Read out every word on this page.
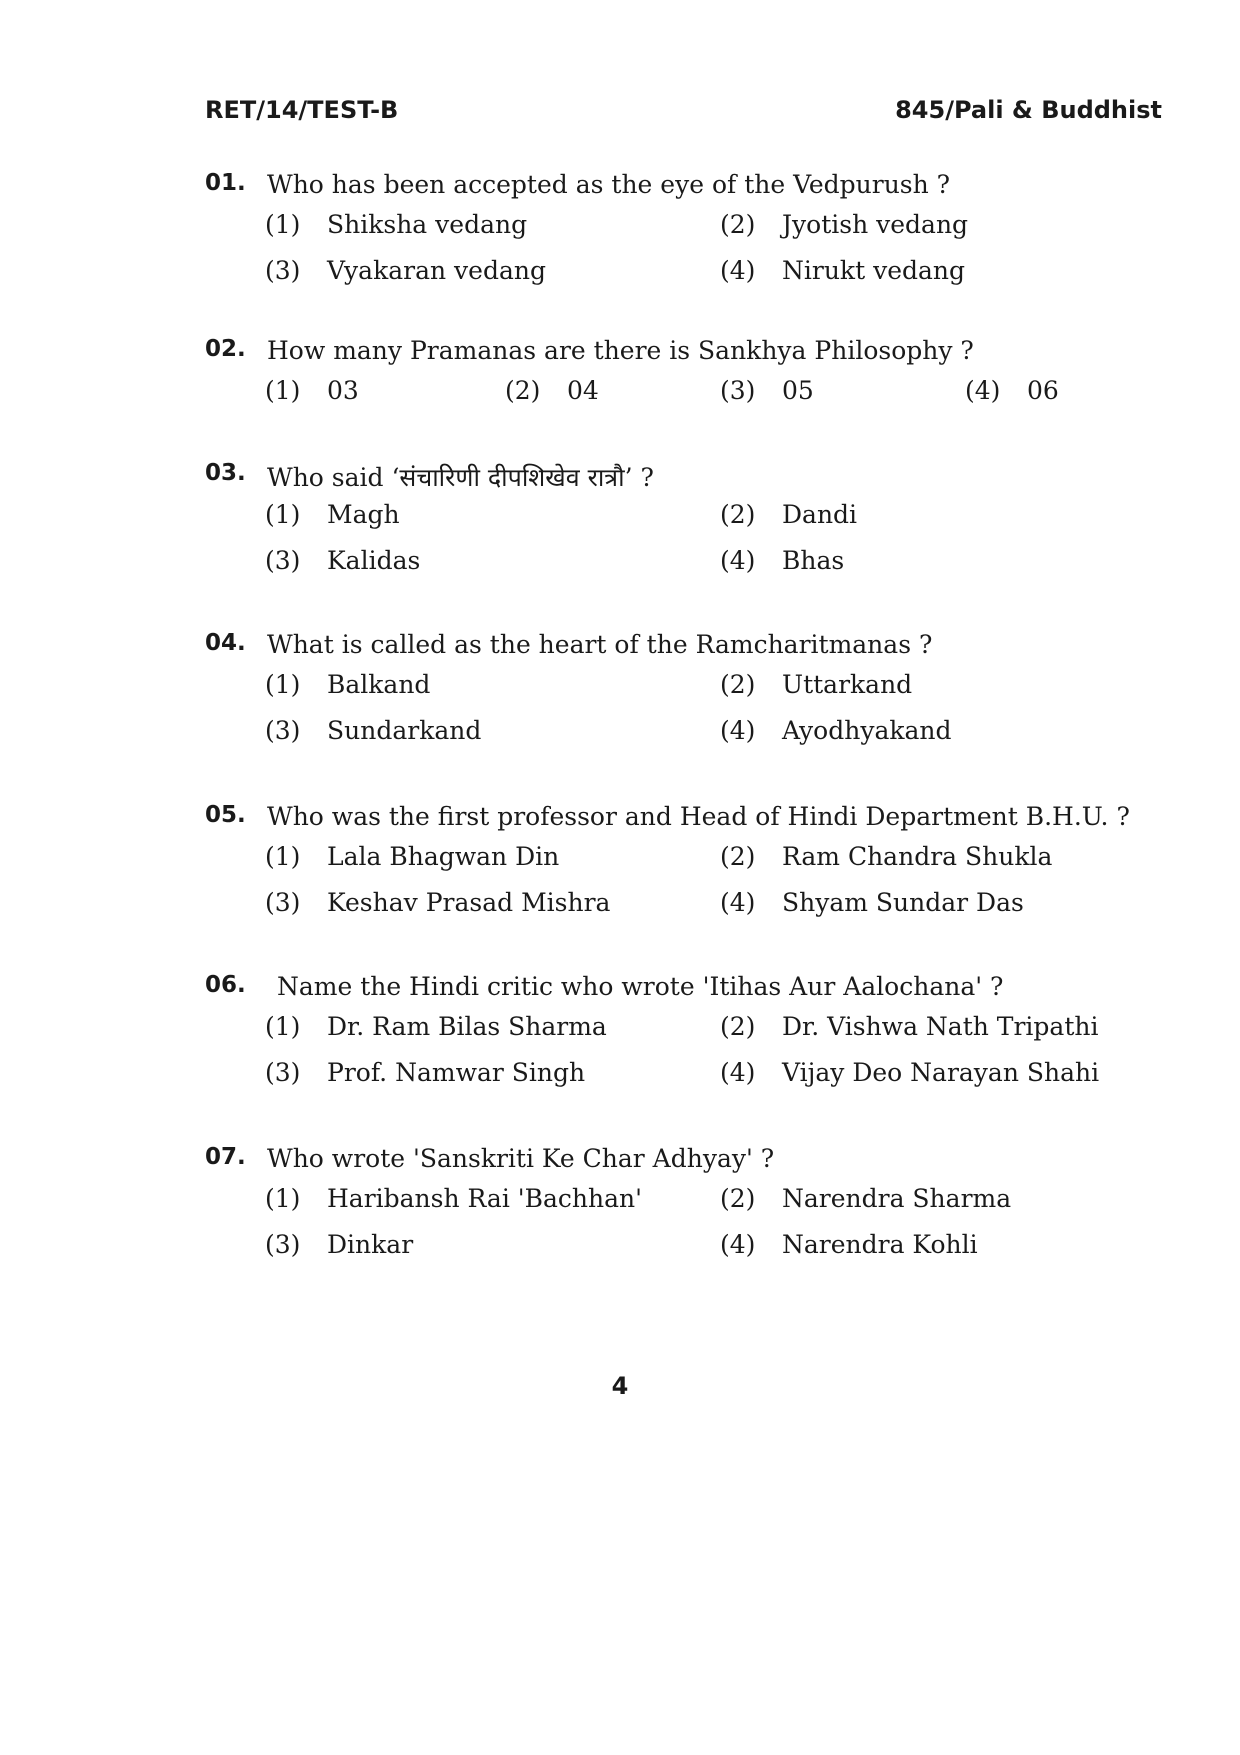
RET/14/TEST-B	845/Pali & Buddhist
01. Who has been accepted as the eye of the Vedpurush ?
(1) Shiksha vedang	(2) Jyotish vedang
(3) Vyakaran vedang	(4) Nirukt vedang
02. How many Pramanas are there is Sankhya Philosophy ?
(1) 03	(2) 04	(3) 05	(4) 06
03. Who said ‘संचारिणी दीपशिखेव रात्रौ’ ?
(1) Magh	(2) Dandi
(3) Kalidas	(4) Bhas
04. What is called as the heart of the Ramcharitmanas ?
(1) Balkand	(2) Uttarkand
(3) Sundarkand	(4) Ayodhyakand
05. Who was the first professor and Head of Hindi Department B.H.U. ?
(1) Lala Bhagwan Din	(2) Ram Chandra Shukla
(3) Keshav Prasad Mishra	(4) Shyam Sundar Das
06. Name the Hindi critic who wrote 'Itihas Aur Aalochana' ?
(1) Dr. Ram Bilas Sharma	(2) Dr. Vishwa Nath Tripathi
(3) Prof. Namwar Singh	(4) Vijay Deo Narayan Shahi
07. Who wrote 'Sanskriti Ke Char Adhyay' ?
(1) Haribansh Rai 'Bachhan'	(2) Narendra Sharma
(3) Dinkar	(4) Narendra Kohli
4
